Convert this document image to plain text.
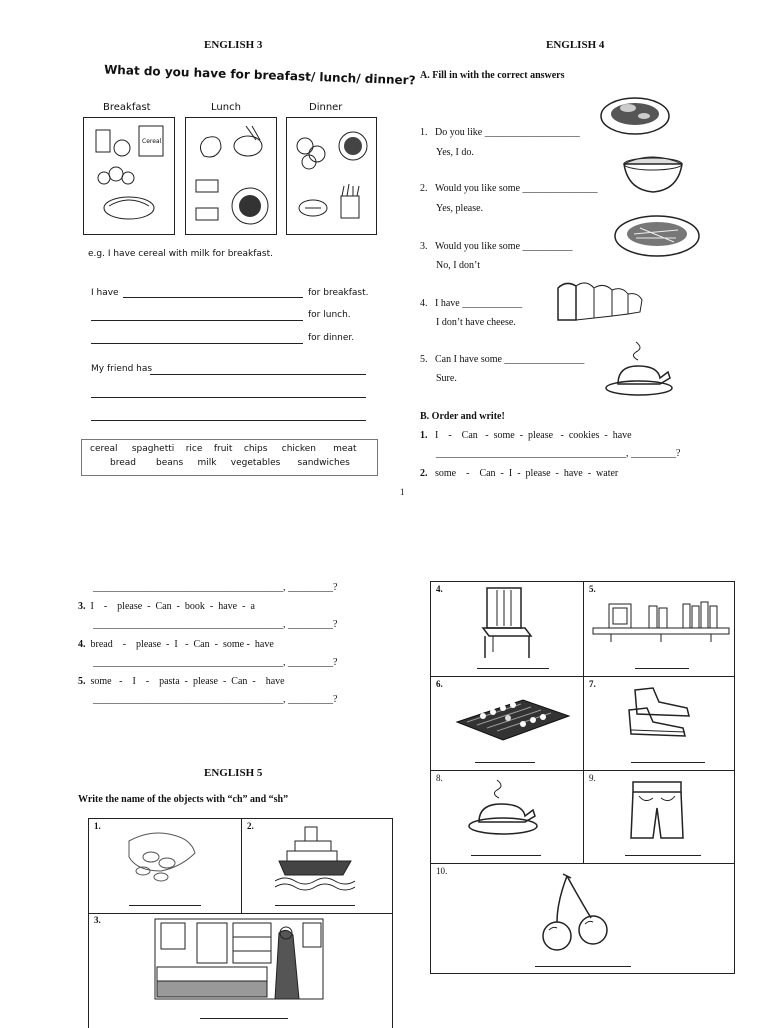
ENGLISH 3
What do you have for breafast/ lunch/ dinner?
Breakfast	Lunch	Dinner
Cereal
e.g. I have cereal with milk for breakfast.
I have	for breakfast.
for lunch.
for dinner.
My friend has
cereal     spaghetti    rice    fruit    chips     chicken      meat
bread       beans     milk     vegetables      sandwiches
ENGLISH 4
A. Fill in with the correct answers
1. Do you like ___________________
Yes, I do.
2. Would you like some _______________
Yes, please.
3. Would you like some __________
No, I don’t
4. I have ____________
I don’t have cheese.
5. Can I have some ________________
Sure.
B. Order and write!
1. I    -    Can   -  some  -  please   -  cookies  -  have
______________________________________, _________?
2. some    -    Can  -  I  -  please  -  have  -  water
1
______________________________________, _________?
3. I    -    please  -  Can  -  book  -  have  -  a
______________________________________, _________?
4. bread    -    please  -  I   -  Can  -  some -  have
______________________________________, _________?
5. some   -    I    -    pasta  -  please  -  Can  -    have
______________________________________, _________?
4.	5.
6.	7.
8.	9.
10.
ENGLISH 5
Write the name of the objects with “ch” and “sh”
1.	2.
3.
